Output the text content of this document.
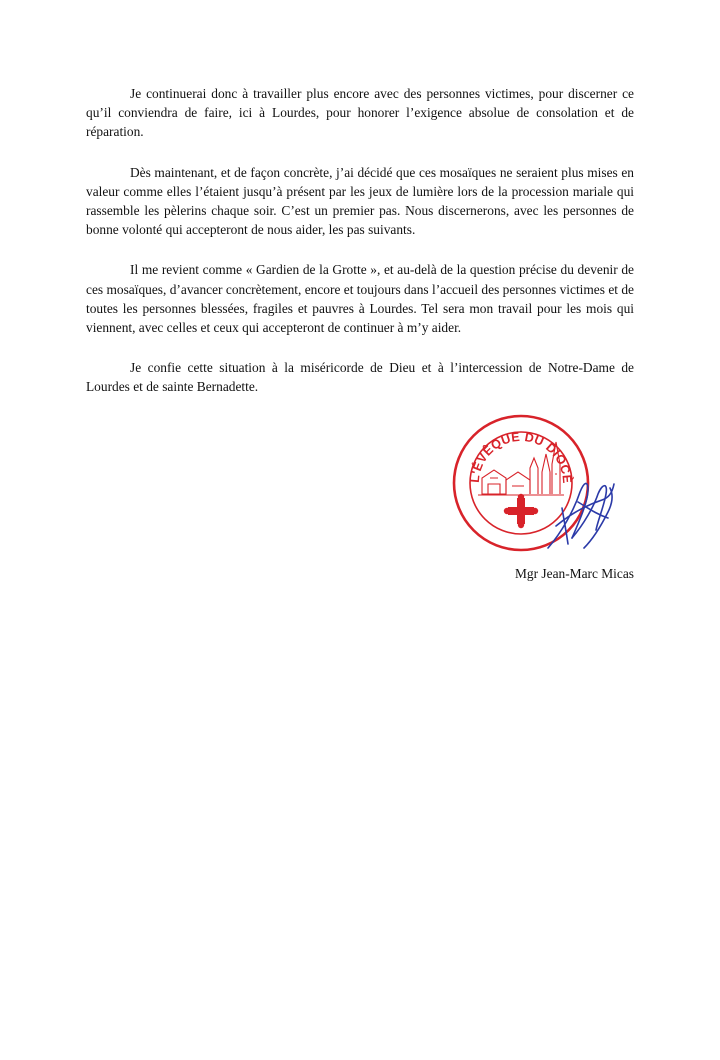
Je continuerai donc à travailler plus encore avec des personnes victimes, pour discerner ce qu’il conviendra de faire, ici à Lourdes, pour honorer l’exigence absolue de consolation et de réparation.

Dès maintenant, et de façon concrète, j’ai décidé que ces mosaïques ne seraient plus mises en valeur comme elles l’étaient jusqu’à présent par les jeux de lumière lors de la procession mariale qui rassemble les pèlerins chaque soir. C’est un premier pas. Nous discernerons, avec les personnes de bonne volonté qui accepteront de nous aider, les pas suivants.

Il me revient comme « Gardien de la Grotte », et au-delà de la question précise du devenir de ces mosaïques, d’avancer concrètement, encore et toujours dans l’accueil des personnes victimes et de toutes les personnes blessées, fragiles et pauvres à Lourdes. Tel sera mon travail pour les mois qui viennent, avec celles et ceux qui accepteront de continuer à m’y aider.

Je confie cette situation à la miséricorde de Dieu et à l’intercession de Notre-Dame de Lourdes et de sainte Bernadette.

L'ÉVÊQUE DU DIOCÈ
Mgr Jean-Marc Micas
